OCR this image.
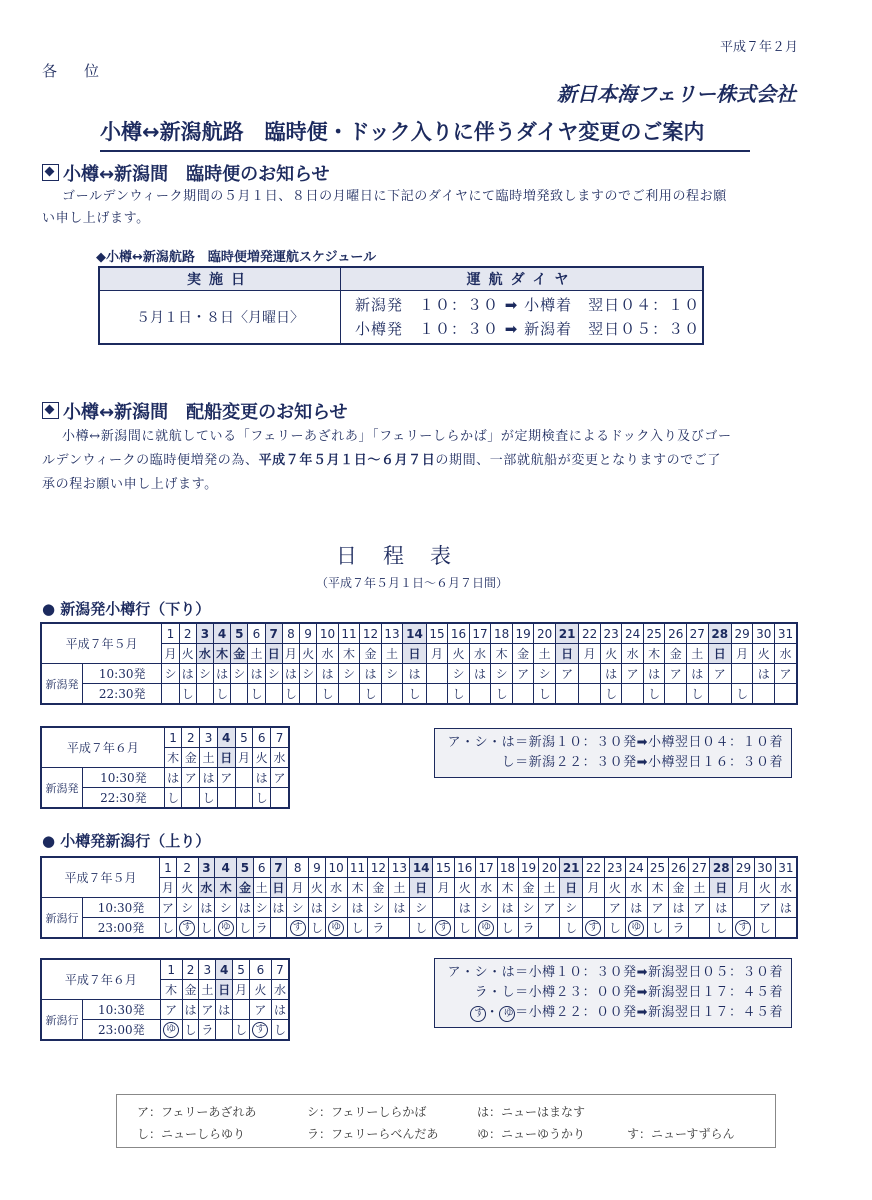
平成７年２月
各　位
新日本海フェリー株式会社
小樽↔新潟航路　臨時便・ドック入りに伴うダイヤ変更のご案内
小樽↔新潟間　臨時便のお知らせ
ゴールデンウィーク期間の５月１日、８日の月曜日に下記のダイヤにて臨時増発致しますのでご利用の程お願
い申し上げます。
◆小樽↔新潟航路　臨時便増発運航スケジュール
実施日	運航ダイヤ
５月１日・８日〈月曜日〉	新潟発　１０：３０ ➡ 小樽着　翌日０４：１０
小樽発　１０：３０ ➡ 新潟着　翌日０５：３０
小樽↔新潟間　配船変更のお知らせ
小樽↔新潟間に就航している「フェリーあざれあ」「フェリーしらかば」が定期検査によるドック入り及びゴー
ルデンウィークの臨時便増発の為、平成７年５月１日〜６月７日の期間、一部就航船が変更となりますのでご了
承の程お願い申し上げます。
日程表
（平成７年５月１日〜６月７日間）
● 新潟発小樽行（下り）
平成７年５月		1	2	3	4	5	6	7	8	9	10	11	12	13	14	15	16	17	18	19	20	21	22	23	24	25	26	27	28	29	30	31
		月	火	水	木	金	土	日	月	火	水	木	金	土	日	月	火	水	木	金	土	日	月	火	水	木	金	土	日	月	火	水
新潟発	10:30発	シ	は	シ	は	シ	は	シ	は	シ	は	シ	は	シ	は		シ	は	シ	ア	シ	ア		は	ア	は	ア	は	ア		は	ア
	22:30発		し		し		し		し		し		し		し		し		し		し			し		し		し		し		
平成７年６月		1	2	3	4	5	6	7
		木	金	土	日	月	火	水
新潟発	10:30発	は	ア	は	ア		は	ア
	22:30発	し		し			し	
ア・シ・は＝新潟１０：３０発➡小樽翌日０４：１０着
し＝新潟２２：３０発➡小樽翌日１６：３０着
● 小樽発新潟行（上り）
平成７年５月		1	2	3	4	5	6	7	8	9	10	11	12	13	14	15	16	17	18	19	20	21	22	23	24	25	26	27	28	29	30	31
		月	火	水	木	金	土	日	月	火	水	木	金	土	日	月	火	水	木	金	土	日	月	火	水	木	金	土	日	月	火	水
新潟行	10:30発	ア	シ	は	シ	は	シ	は	シ	は	シ	は	シ	は	シ		は	シ	は	シ	ア	シ		ア	は	ア	は	ア	は		ア	は
	23:00発	し	す	し	ゆ	し	ラ		す	し	ゆ	し	ラ		し	す	し	ゆ	し	ラ		し	す	し	ゆ	し	ラ		し	す	し	
平成７年６月		1	2	3	4	5	6	7
		木	金	土	日	月	火	水
新潟行	10:30発	ア	は	ア	は		ア	は
	23:00発	ゆ	し	ラ		し	す	し
ア・シ・は＝小樽１０：３０発➡新潟翌日０５：３０着
ラ・し＝小樽２３：００発➡新潟翌日１７：４５着
す・ ゆ＝小樽２２：００発➡新潟翌日１７：４５着
ア：フェリーあざれあ	シ：フェリーしらかば	は：ニューはまなす
し：ニューしらゆり	ラ：フェリーらべんだあ	ゆ：ニューゆうかり	す：ニューすずらん
